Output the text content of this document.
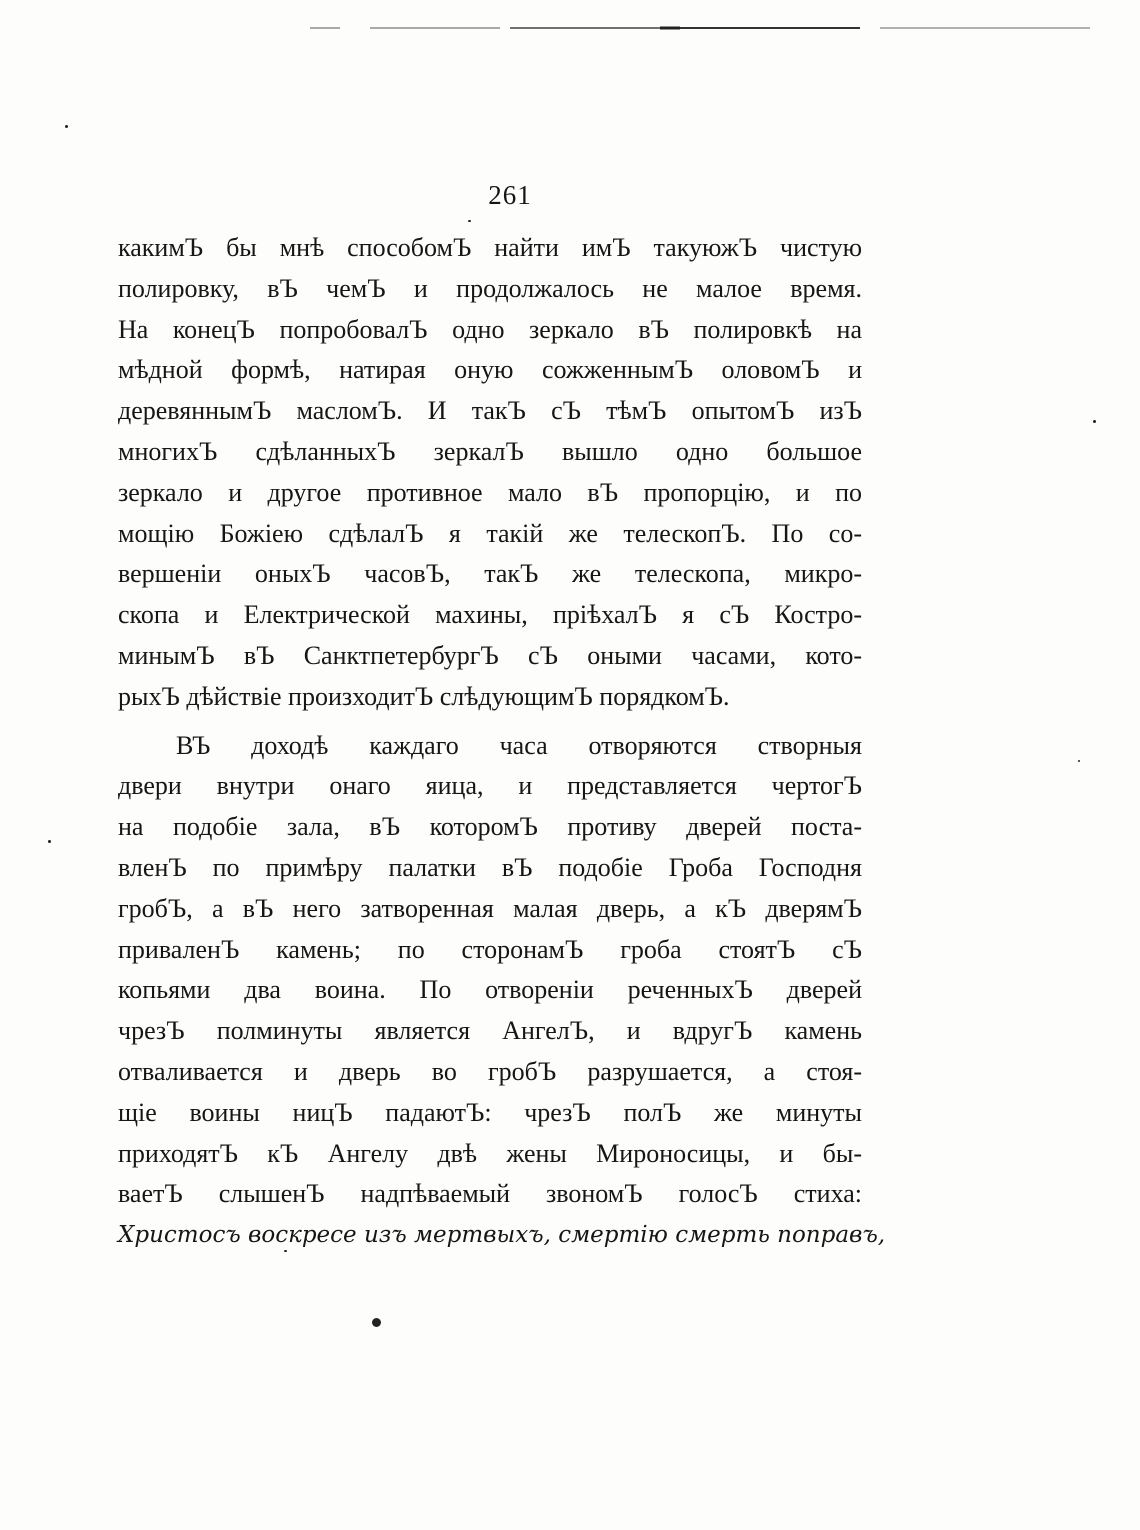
261
какимЪ бы мнѣ способомЪ найти имЪ такуюжЪ чистую
полировку, вЪ чемЪ и продолжалось не малое время.
На конецЪ попробовалЪ одно зеркало вЪ полировкѣ на
мѣдной формѣ, натирая оную сожженнымЪ оловомЪ и
деревяннымЪ масломЪ. И такЪ сЪ тѣмЪ опытомЪ изЪ
многихЪ сдѣланныхЪ зеркалЪ вышло одно большое
зеркало и другое противное мало вЪ пропорцію, и по
мощію Божіею сдѣлалЪ я такій же телескопЪ. По со-
вершеніи оныхЪ часовЪ, такЪ же телескопа, микро-
скопа и Електрической махины, пріѣхалЪ я сЪ Костро-
минымЪ вЪ СанктпетербургЪ сЪ оными часами, кото-
рыхЪ дѣйствіе произходитЪ слѣдующимЪ порядкомЪ.
ВЪ доходѣ каждаго часа отворяются створныя
двери внутри онаго яица, и представляется чертогЪ
на подобіе зала, вЪ которомЪ противу дверей поста-
вленЪ по примѣру палатки вЪ подобіе Гроба Господня
гробЪ, а вЪ него затворенная малая дверь, а кЪ дверямЪ
приваленЪ камень; по сторонамЪ гроба стоятЪ сЪ
копьями два воина. По отвореніи реченныхЪ дверей
чрезЪ полминуты является АнгелЪ, и вдругЪ камень
отваливается и дверь во гробЪ разрушается, а стоя-
щіе воины ницЪ падаютЪ: чрезЪ полЪ же минуты
приходятЪ кЪ Ангелу двѣ жены Мироносицы, и бы-
ваетЪ слышенЪ надпѣваемый звономЪ голосЪ стиха:
Христосъ воскресе изъ мертвыхъ, смертію смерть поправъ,
